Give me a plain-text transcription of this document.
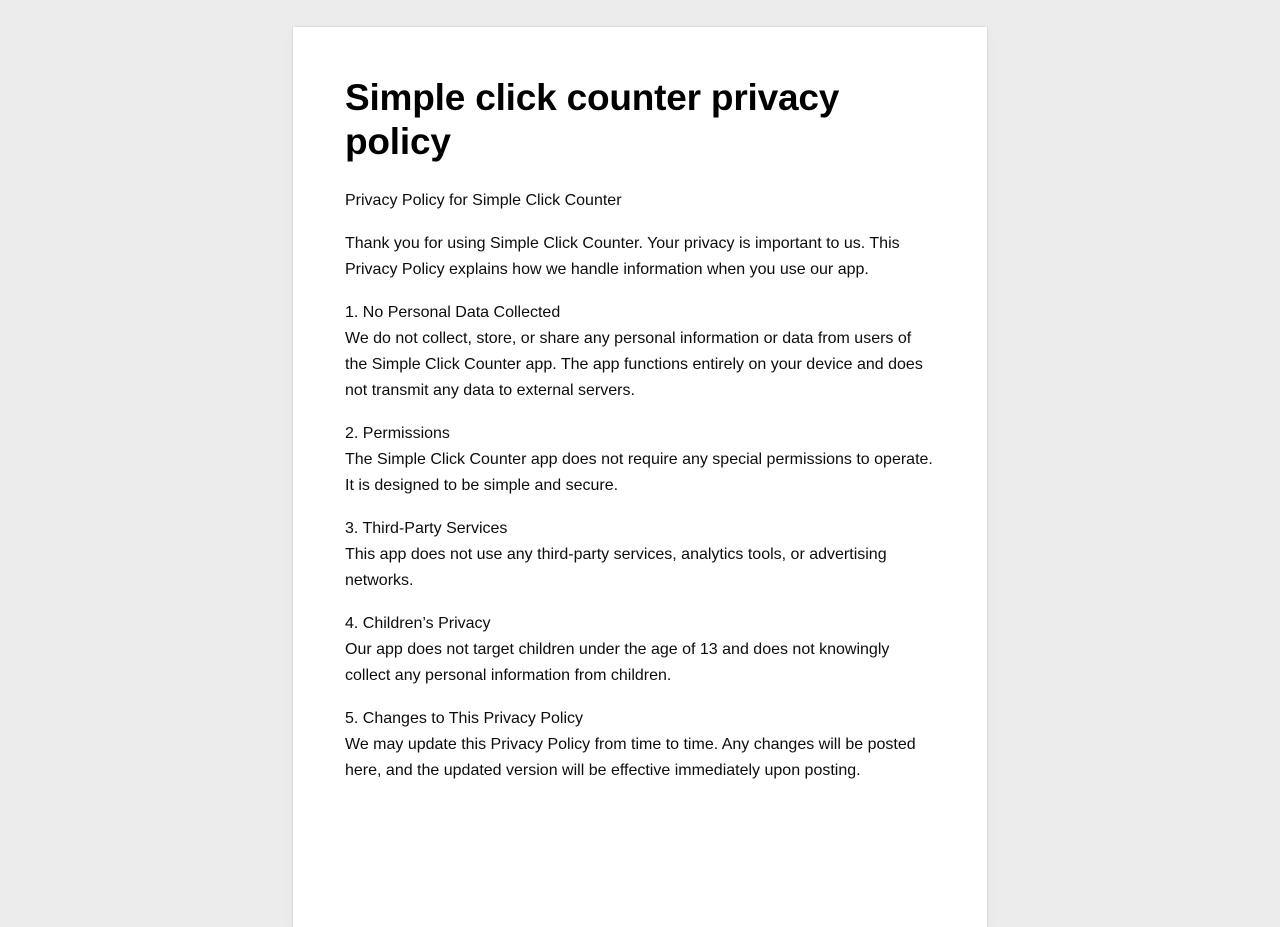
Simple click counter privacy policy

Privacy Policy for Simple Click Counter

Thank you for using Simple Click Counter. Your privacy is important to us. This Privacy Policy explains how we handle information when you use our app.

1. No Personal Data Collected
We do not collect, store, or share any personal information or data from users of the Simple Click Counter app. The app functions entirely on your device and does not transmit any data to external servers.

2. Permissions
The Simple Click Counter app does not require any special permissions to operate. It is designed to be simple and secure.

3. Third-Party Services
This app does not use any third-party services, analytics tools, or advertising networks.

4. Children’s Privacy
Our app does not target children under the age of 13 and does not knowingly collect any personal information from children.

5. Changes to This Privacy Policy
We may update this Privacy Policy from time to time. Any changes will be posted here, and the updated version will be effective immediately upon posting.
